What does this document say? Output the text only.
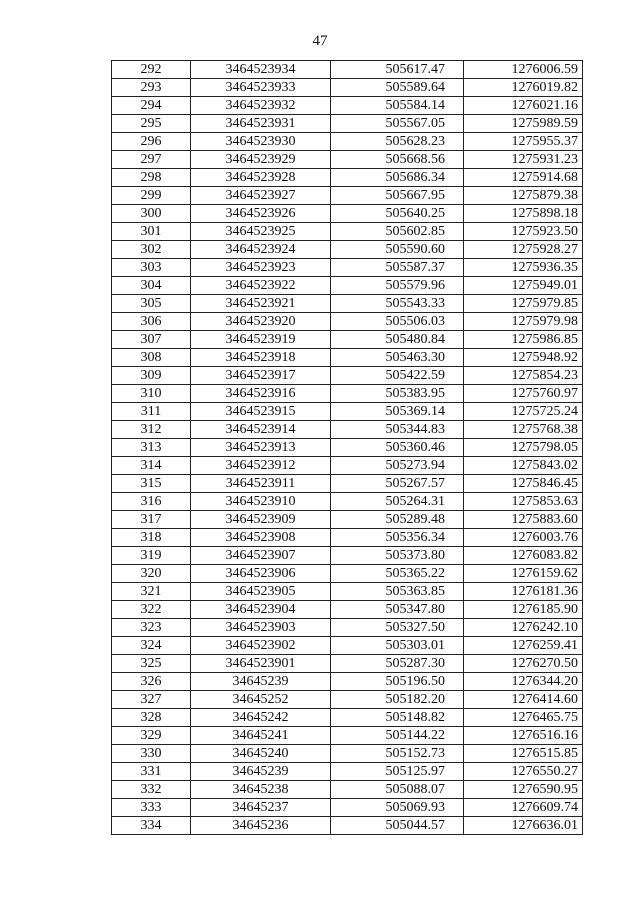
47
292	3464523934	505617.47	1276006.59
293	3464523933	505589.64	1276019.82
294	3464523932	505584.14	1276021.16
295	3464523931	505567.05	1275989.59
296	3464523930	505628.23	1275955.37
297	3464523929	505668.56	1275931.23
298	3464523928	505686.34	1275914.68
299	3464523927	505667.95	1275879.38
300	3464523926	505640.25	1275898.18
301	3464523925	505602.85	1275923.50
302	3464523924	505590.60	1275928.27
303	3464523923	505587.37	1275936.35
304	3464523922	505579.96	1275949.01
305	3464523921	505543.33	1275979.85
306	3464523920	505506.03	1275979.98
307	3464523919	505480.84	1275986.85
308	3464523918	505463.30	1275948.92
309	3464523917	505422.59	1275854.23
310	3464523916	505383.95	1275760.97
311	3464523915	505369.14	1275725.24
312	3464523914	505344.83	1275768.38
313	3464523913	505360.46	1275798.05
314	3464523912	505273.94	1275843.02
315	3464523911	505267.57	1275846.45
316	3464523910	505264.31	1275853.63
317	3464523909	505289.48	1275883.60
318	3464523908	505356.34	1276003.76
319	3464523907	505373.80	1276083.82
320	3464523906	505365.22	1276159.62
321	3464523905	505363.85	1276181.36
322	3464523904	505347.80	1276185.90
323	3464523903	505327.50	1276242.10
324	3464523902	505303.01	1276259.41
325	3464523901	505287.30	1276270.50
326	34645239	505196.50	1276344.20
327	34645252	505182.20	1276414.60
328	34645242	505148.82	1276465.75
329	34645241	505144.22	1276516.16
330	34645240	505152.73	1276515.85
331	34645239	505125.97	1276550.27
332	34645238	505088.07	1276590.95
333	34645237	505069.93	1276609.74
334	34645236	505044.57	1276636.01
